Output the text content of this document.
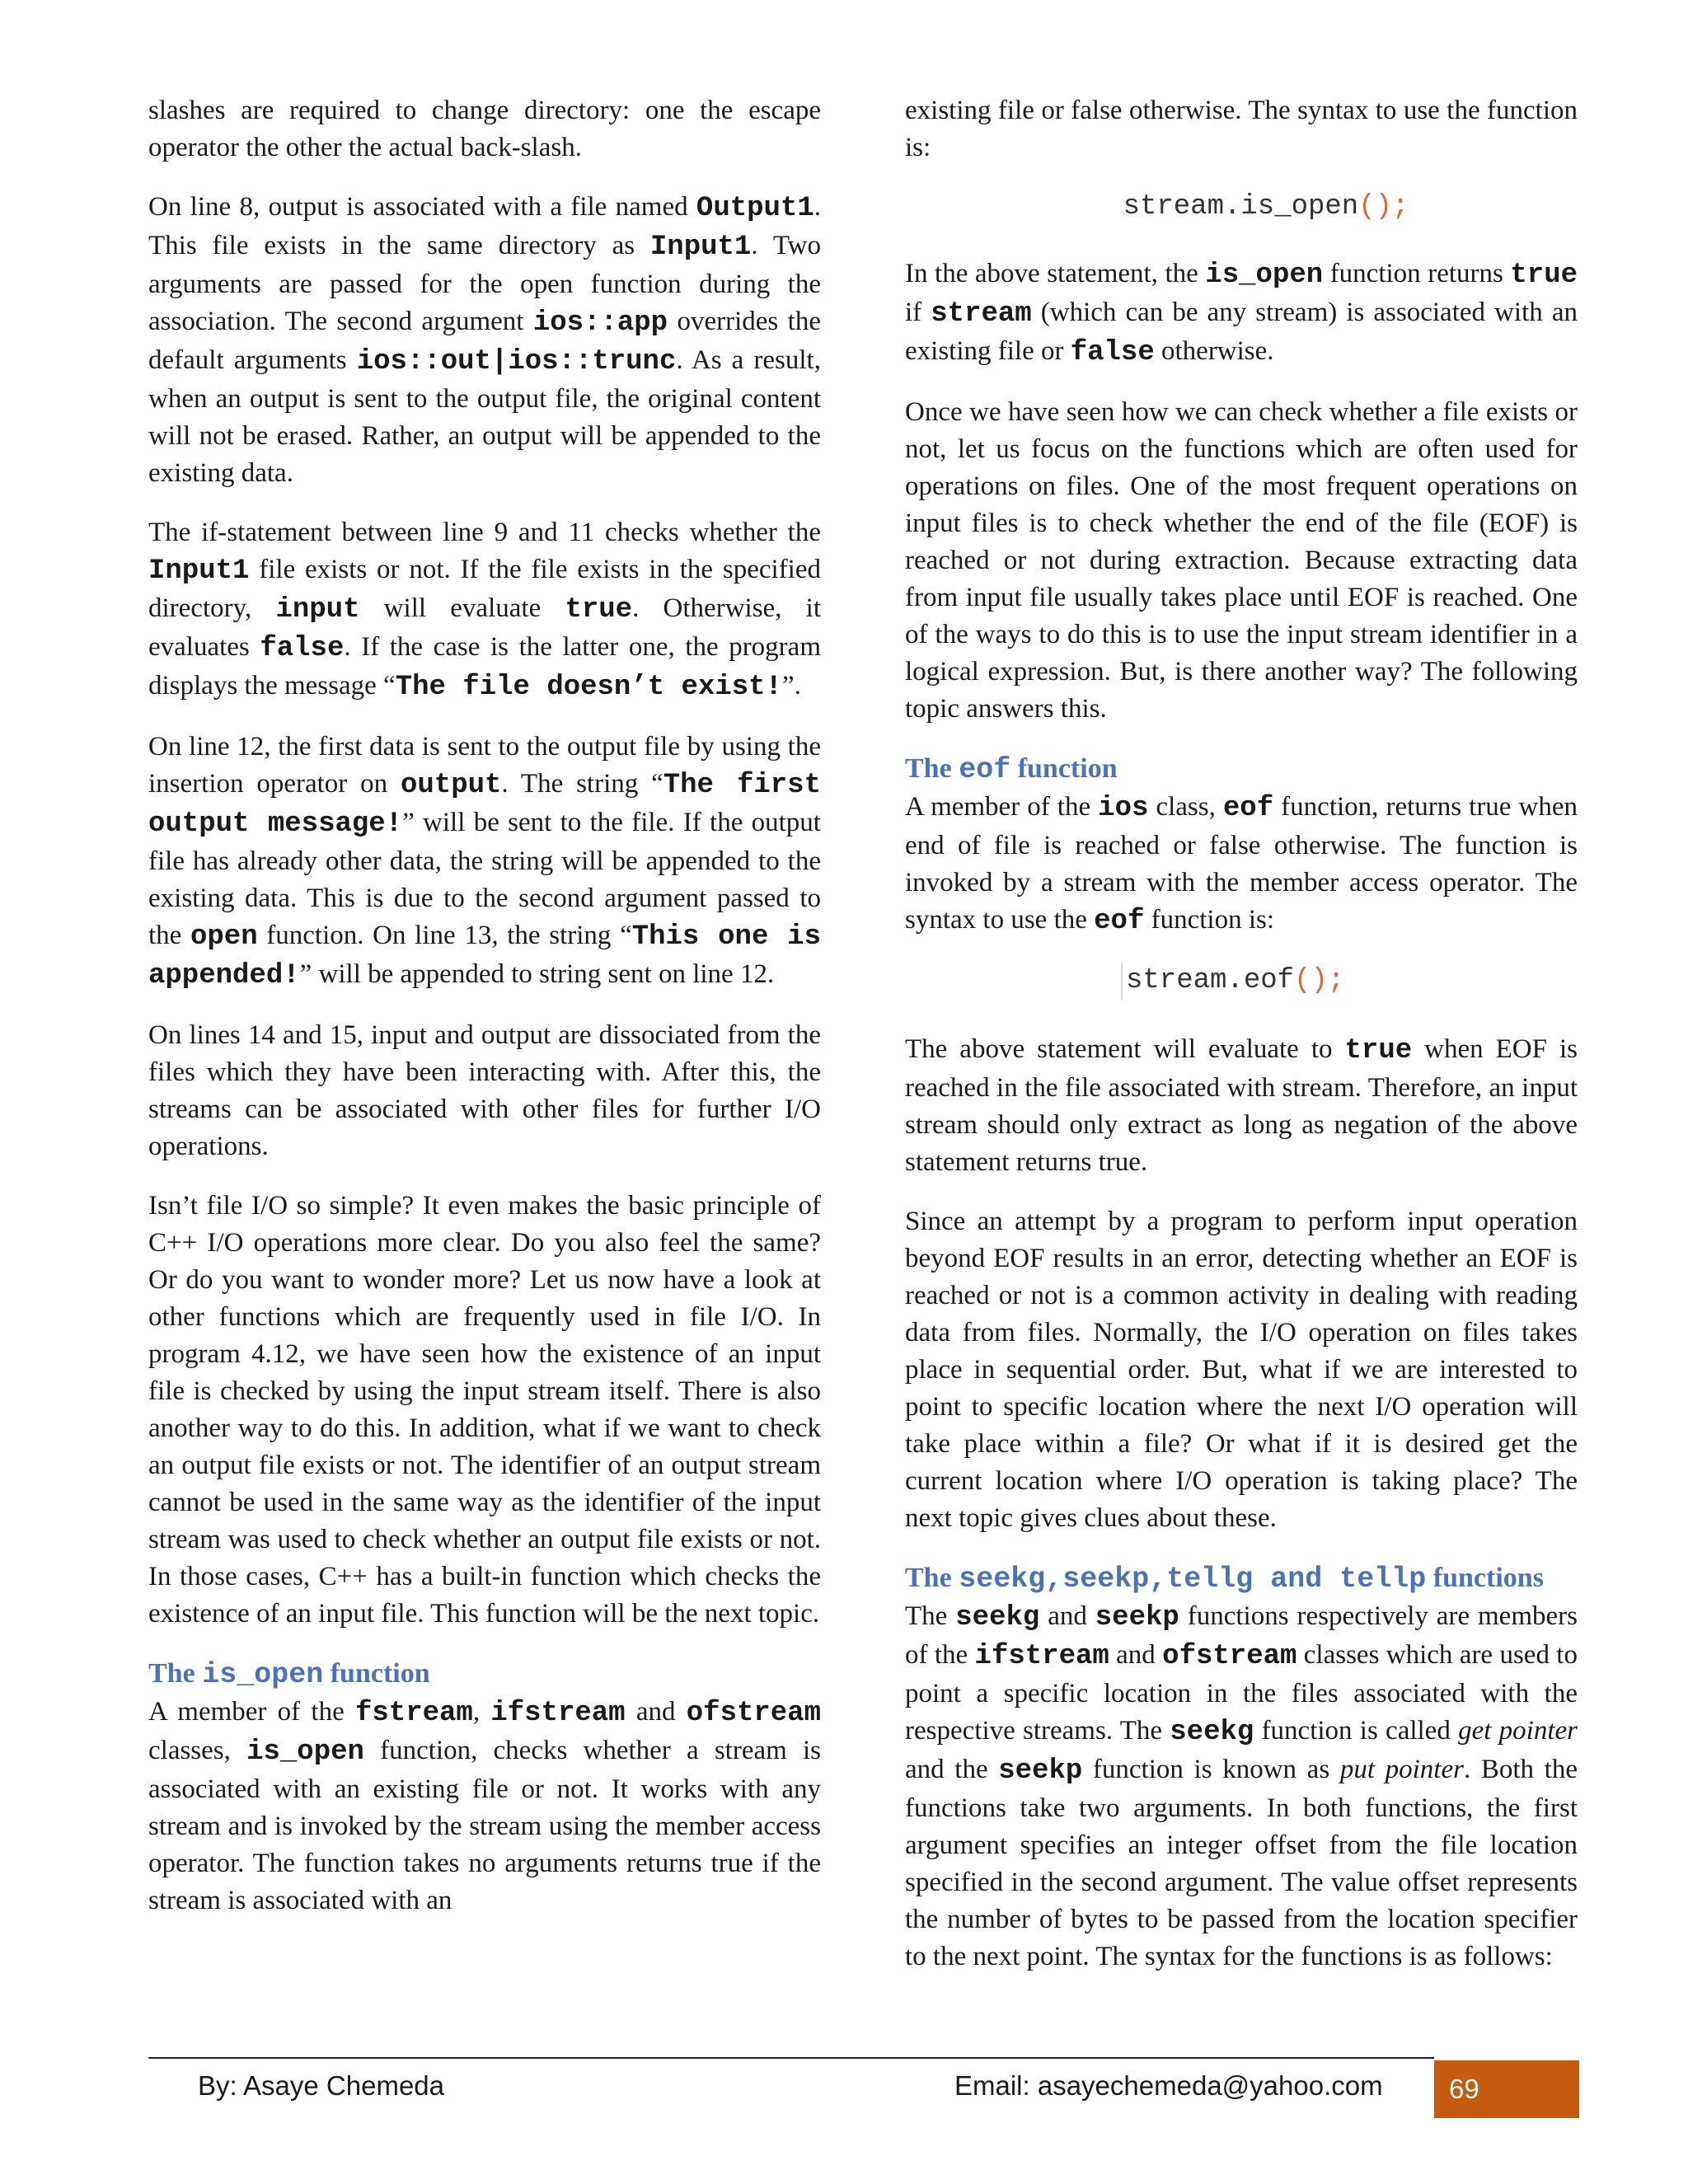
slashes are required to change directory: one the escape operator the other the actual back-slash.

On line 8, output is associated with a file named Output1. This file exists in the same directory as Input1. Two arguments are passed for the open function during the association. The second argument ios::app overrides the default arguments ios::out|ios::trunc. As a result, when an output is sent to the output file, the original content will not be erased. Rather, an output will be appended to the existing data.

The if-statement between line 9 and 11 checks whether the Input1 file exists or not. If the file exists in the specified directory, input will evaluate true. Otherwise, it evaluates false. If the case is the latter one, the program displays the message “The file doesn’t exist!”.

On line 12, the first data is sent to the output file by using the insertion operator on output. The string “The first output message!” will be sent to the file. If the output file has already other data, the string will be appended to the existing data. This is due to the second argument passed to the open function. On line 13, the string “This one is appended!” will be appended to string sent on line 12.

On lines 14 and 15, input and output are dissociated from the files which they have been interacting with. After this, the streams can be associated with other files for further I/O operations.

Isn’t file I/O so simple? It even makes the basic principle of C++ I/O operations more clear. Do you also feel the same? Or do you want to wonder more? Let us now have a look at other functions which are frequently used in file I/O. In program 4.12, we have seen how the existence of an input file is checked by using the input stream itself. There is also another way to do this. In addition, what if we want to check an output file exists or not. The identifier of an output stream cannot be used in the same way as the identifier of the input stream was used to check whether an output file exists or not. In those cases, C++ has a built-in function which checks the existence of an input file. This function will be the next topic.

The is_open function

A member of the fstream, ifstream and ofstream classes, is_open function, checks whether a stream is associated with an existing file or not. It works with any stream and is invoked by the stream using the member access operator. The function takes no arguments returns true if the stream is associated with an

existing file or false otherwise. The syntax to use the function is:

stream.is_open();

In the above statement, the is_open function returns true if stream (which can be any stream) is associated with an existing file or false otherwise.

Once we have seen how we can check whether a file exists or not, let us focus on the functions which are often used for operations on files. One of the most frequent operations on input files is to check whether the end of the file (EOF) is reached or not during extraction. Because extracting data from input file usually takes place until EOF is reached. One of the ways to do this is to use the input stream identifier in a logical expression. But, is there another way? The following topic answers this.

The eof function

A member of the ios class, eof function, returns true when end of file is reached or false otherwise. The function is invoked by a stream with the member access operator. The syntax to use the eof function is:

stream.eof();

The above statement will evaluate to true when EOF is reached in the file associated with stream. Therefore, an input stream should only extract as long as negation of the above statement returns true.

Since an attempt by a program to perform input operation beyond EOF results in an error, detecting whether an EOF is reached or not is a common activity in dealing with reading data from files. Normally, the I/O operation on files takes place in sequential order. But, what if we are interested to point to specific location where the next I/O operation will take place within a file? Or what if it is desired get the current location where I/O operation is taking place? The next topic gives clues about these.

The seekg,seekp,tellg and tellp functions

The seekg and seekp functions respectively are members of the ifstream and ofstream classes which are used to point a specific location in the files associated with the respective streams. The seekg function is called get pointer and the seekp function is known as put pointer. Both the functions take two arguments. In both functions, the first argument specifies an integer offset from the file location specified in the second argument. The value offset represents the number of bytes to be passed from the location specifier to the next point. The syntax for the functions is as follows:

By: Asaye Chemeda	Email: asayechemeda@yahoo.com	69
